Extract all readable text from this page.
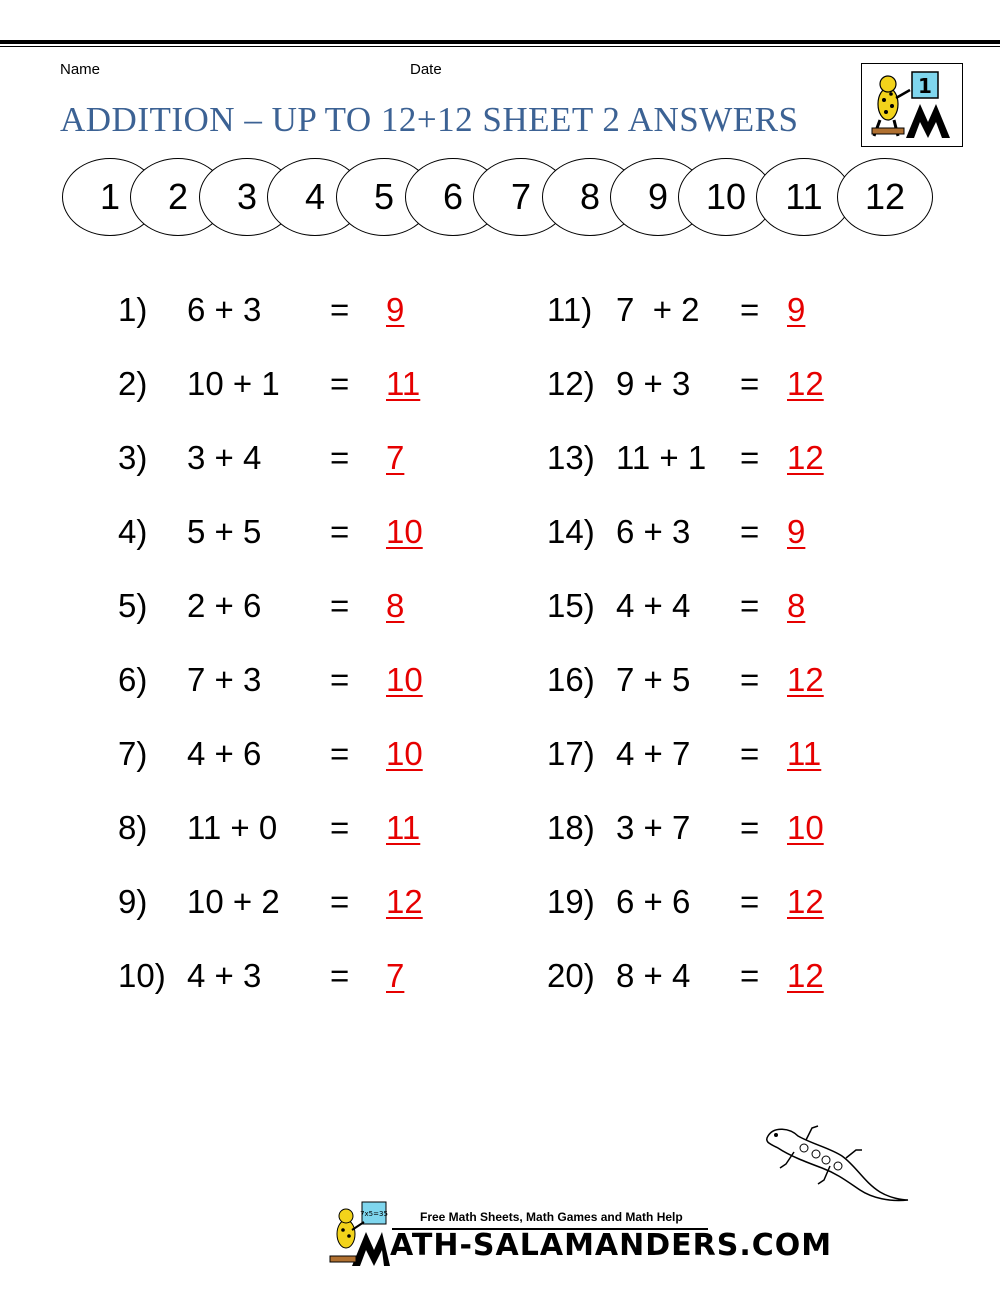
Name	Date
ADDITION – UP TO 12+12 SHEET 2 ANSWERS
1
1	2	3	4	5	6	7	8	9	10	11	12
1) 6 + 3 = 9
2) 10 + 1 = 11
3) 3 + 4 = 7
4) 5 + 5 = 10
5) 2 + 6 = 8
6) 7 + 3 = 10
7) 4 + 6 = 10
8) 11 + 0 = 11
9) 10 + 2 = 12
10) 4 + 3 = 7
11) 7  + 2 = 9
12) 9 + 3 = 12
13) 11 + 1 = 12
14) 6 + 3 = 9
15) 4 + 4 = 8
16) 7 + 5 = 12
17) 4 + 7 = 11
18) 3 + 7 = 10
19) 6 + 6 = 12
20) 8 + 4 = 12
7x5=35	Free Math Sheets, Math Games and Math Help
ATH-SALAMANDERS.COM
